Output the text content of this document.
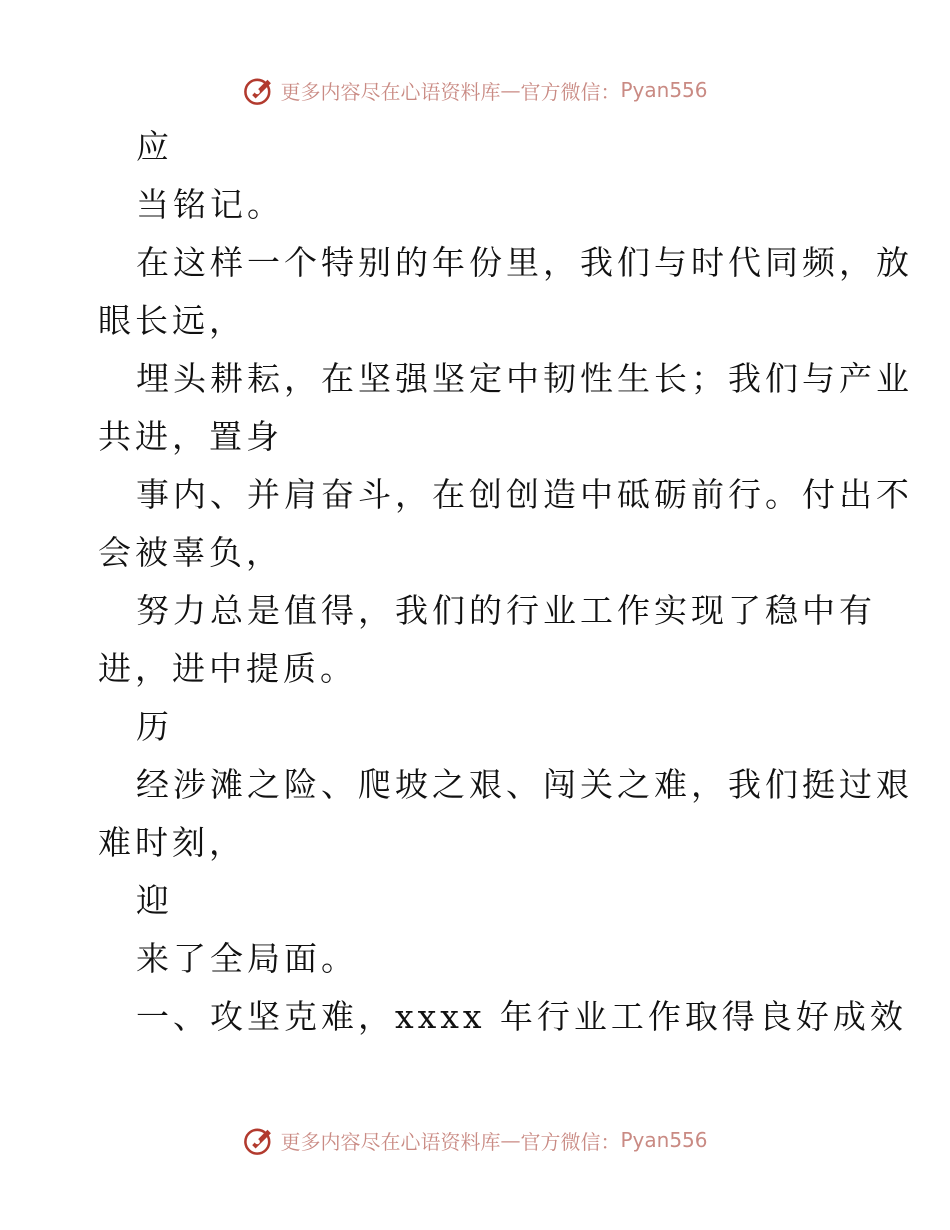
更多内容尽在心语资料库 — 官方微信： Pyan556
应
当铭记。
在这样一个特别的年份里，我们与时代同频，放
眼长远，
埋头耕耘，在坚强坚定中韧性生长；我们与产业
共进，置身
事内、并肩奋斗，在创创造中砥砺前行。付出不
会被辜负，
努力总是值得，我们的行业工作实现了稳中有
进，进中提质。
历
经涉滩之险、爬坡之艰、闯关之难，我们挺过艰
难时刻，
迎
来了全局面。
一、攻坚克难，xxxx 年行业工作取得良好成效
更多内容尽在心语资料库 — 官方微信： Pyan556
